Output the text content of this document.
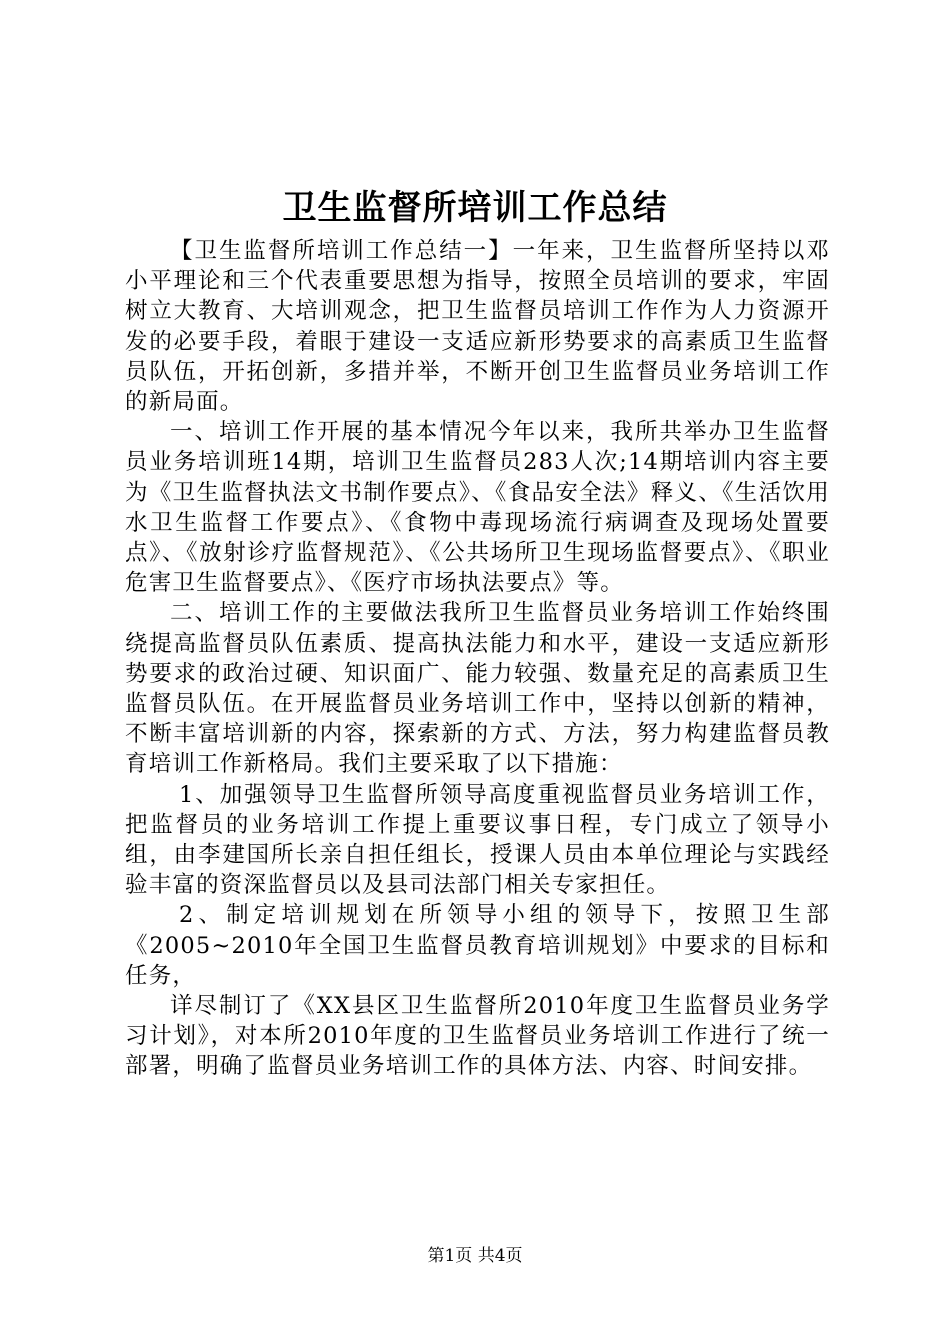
卫生监督所培训工作总结

【卫生监督所培训工作总结一】一年来，卫生监督所坚持以邓小平理论和三个代表重要思想为指导，按照全员培训的要求，牢固树立大教育、大培训观念，把卫生监督员培训工作作为人力资源开发的必要手段，着眼于建设一支适应新形势要求的高素质卫生监督员队伍，开拓创新，多措并举，不断开创卫生监督员业务培训工作的新局面。

一、培训工作开展的基本情况今年以来，我所共举办卫生监督员业务培训班14期，培训卫生监督员283人次;14期培训内容主要为《卫生监督执法文书制作要点》、《食品安全法》释义、《生活饮用水卫生监督工作要点》、《食物中毒现场流行病调查及现场处置要点》、《放射诊疗监督规范》、《公共场所卫生现场监督要点》、《职业危害卫生监督要点》、《医疗市场执法要点》等。

二、培训工作的主要做法我所卫生监督员业务培训工作始终围绕提高监督员队伍素质、提高执法能力和水平，建设一支适应新形势要求的政治过硬、知识面广、能力较强、数量充足的高素质卫生监督员队伍。在开展监督员业务培训工作中，坚持以创新的精神，不断丰富培训新的内容，探索新的方式、方法，努力构建监督员教育培训工作新格局。我们主要采取了以下措施：

1、加强领导卫生监督所领导高度重视监督员业务培训工作，把监督员的业务培训工作提上重要议事日程，专门成立了领导小组，由李建国所长亲自担任组长，授课人员由本单位理论与实践经验丰富的资深监督员以及县司法部门相关专家担任。

2、制定培训规划在所领导小组的领导下，按照卫生部《2005~2010年全国卫生监督员教育培训规划》中要求的目标和任务，

详尽制订了《XX县区卫生监督所2010年度卫生监督员业务学习计划》，对本所2010年度的卫生监督员业务培训工作进行了统一部署，明确了监督员业务培训工作的具体方法、内容、时间安排。

第1页 共4页
